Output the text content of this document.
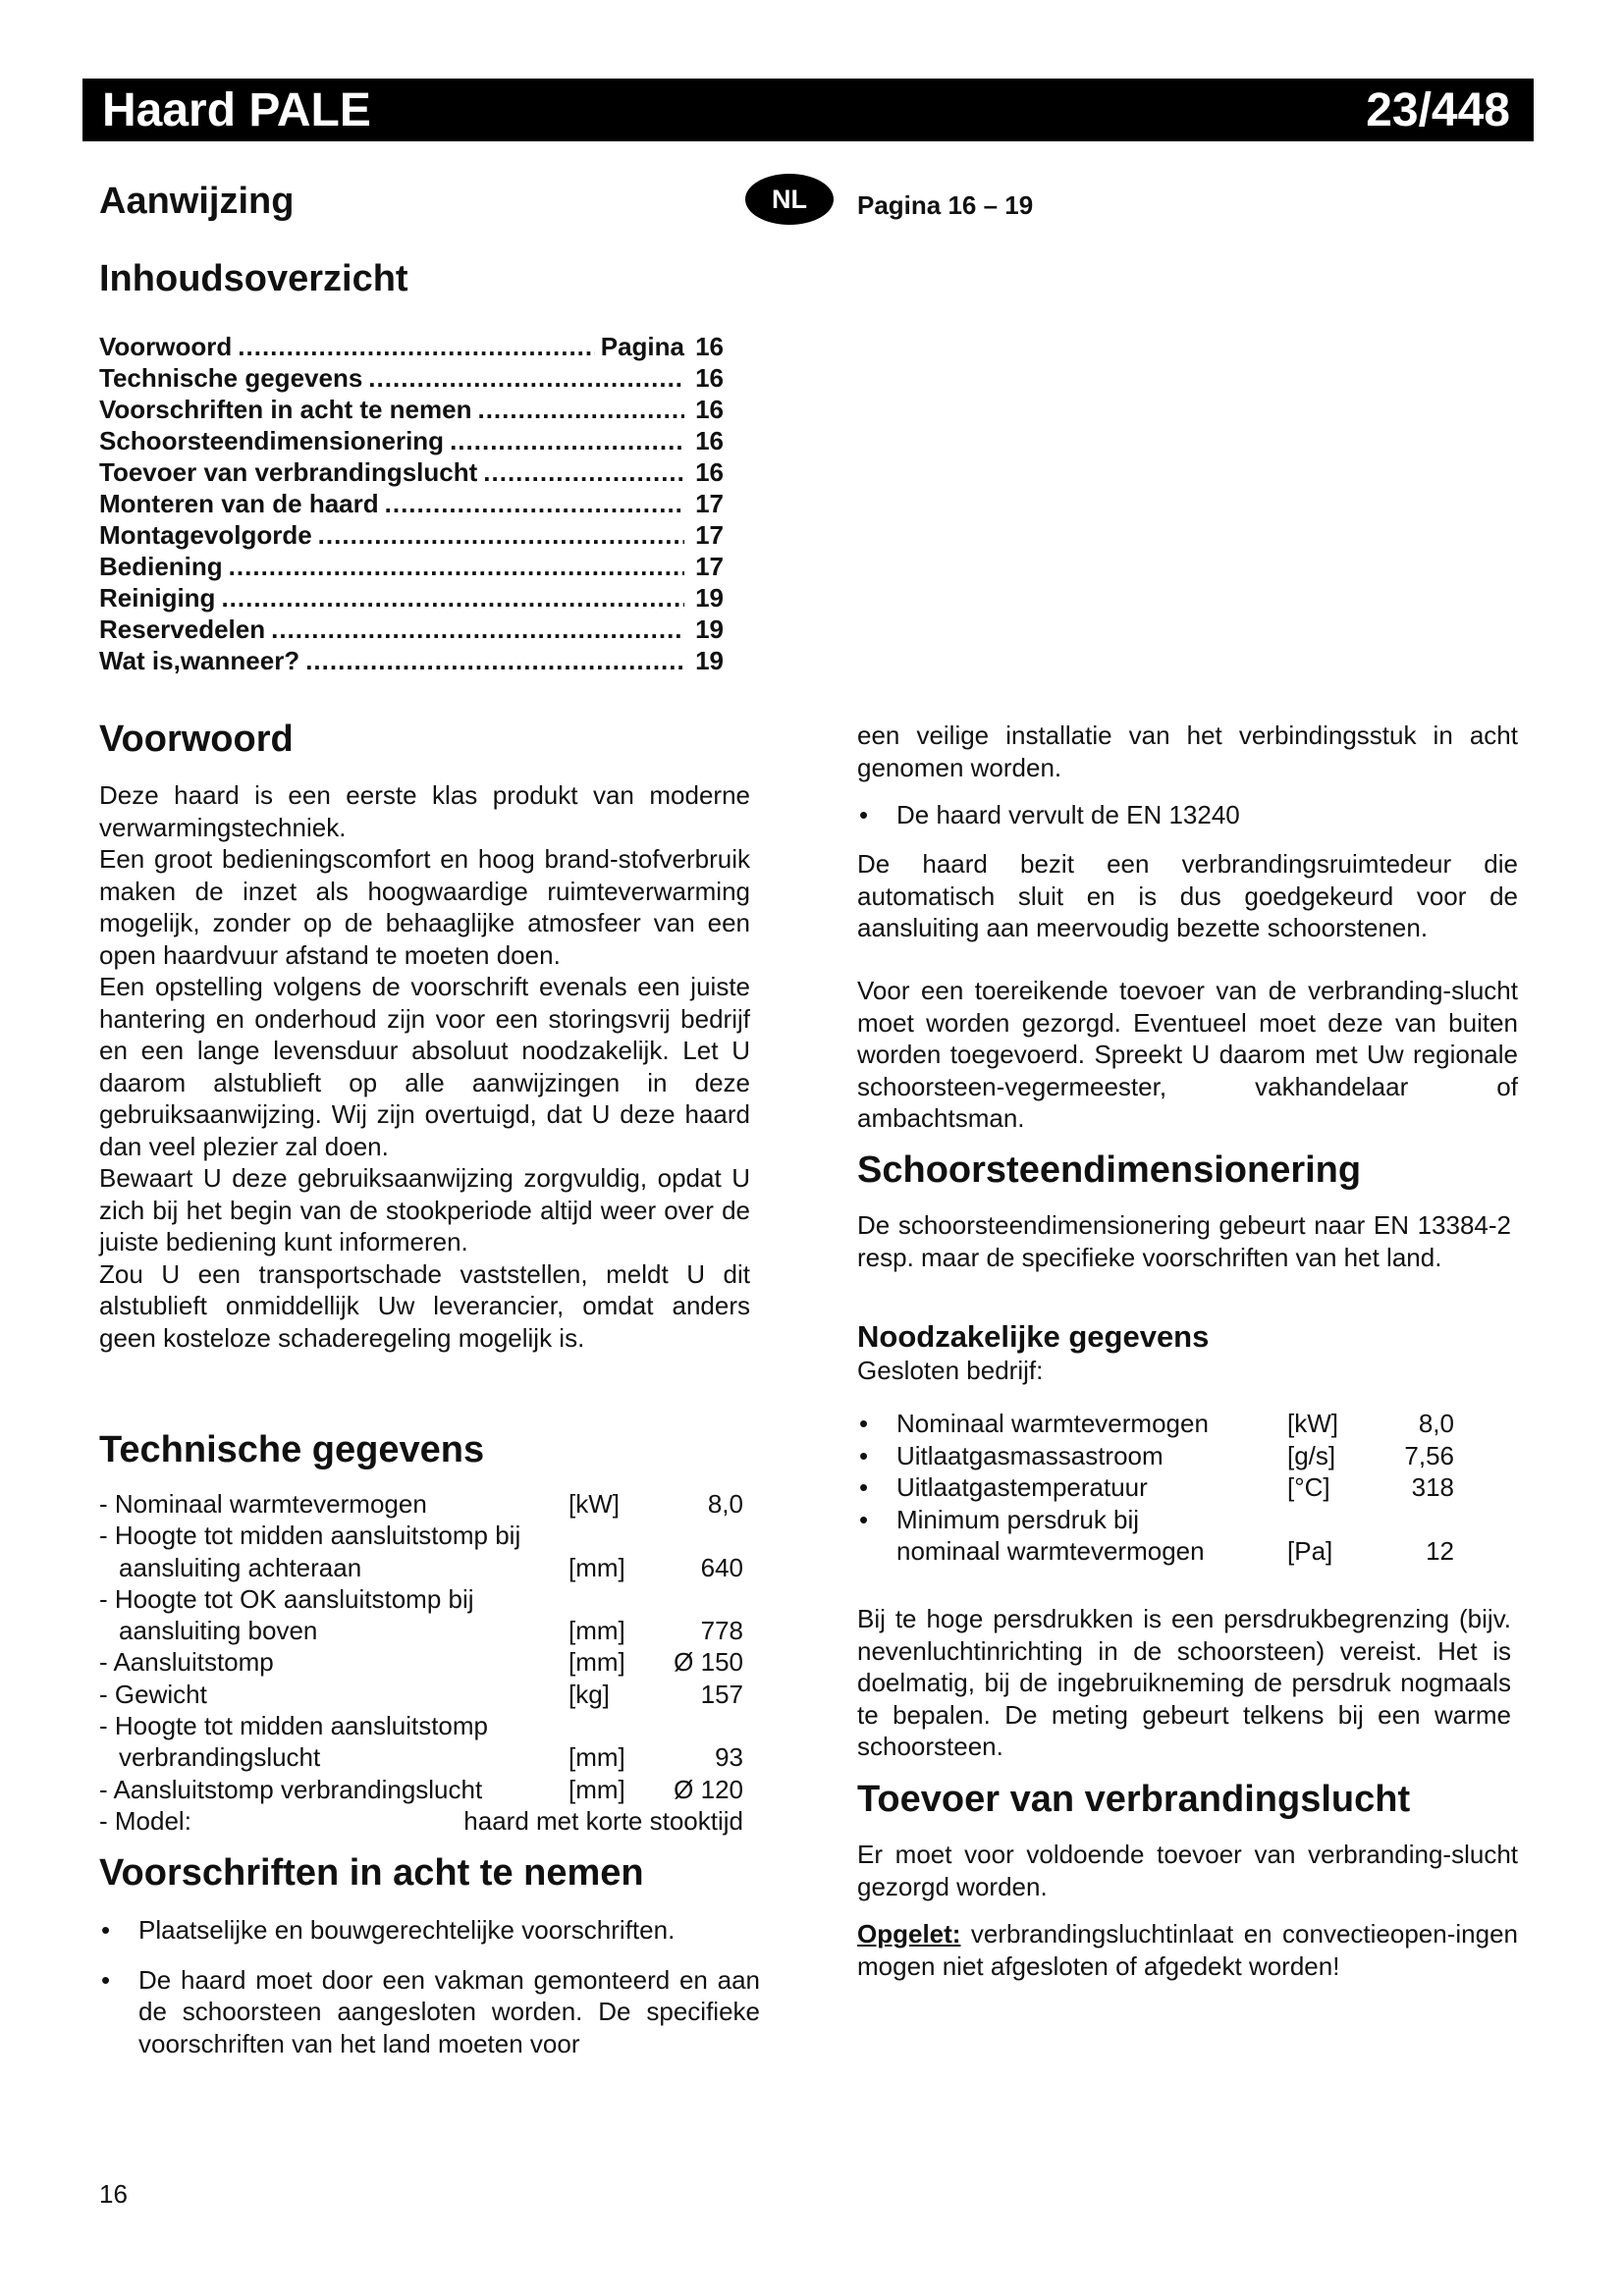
Haard PALE	23/448
Aanwijzing	NL	Pagina 16 – 19
Inhoudsoverzicht
Voorwoord .....	Pagina 16
Technische gegevens .....	16
Voorschriften in acht te nemen .....	16
Schoorsteendimensionering .....	16
Toevoer van verbrandingslucht .....	16
Monteren van de haard .....	17
Montagevolgorde .....	17
Bediening .....	17
Reiniging .....	19
Reservedelen .....	19
Wat is,wanneer? .....	19
Voorwoord
Deze haard is een eerste klas produkt van moderne verwarmingstechniek.
Een groot bedieningscomfort en hoog brand-stofverbruik maken de inzet als hoogwaardige ruimteverwarming mogelijk, zonder op de behaaglijke atmosfeer van een open haardvuur afstand te moeten doen.
Een opstelling volgens de voorschrift evenals een juiste hantering en onderhoud zijn voor een storingsvrij bedrijf en een lange levensduur absoluut noodzakelijk. Let U daarom alstublieft op alle aanwijzingen in deze gebruiksaanwijzing. Wij zijn overtuigd, dat U deze haard dan veel plezier zal doen.
Bewaart U deze gebruiksaanwijzing zorgvuldig, opdat U zich bij het begin van de stookperiode altijd weer over de juiste bediening kunt informeren.
Zou U een transportschade vaststellen, meldt U dit alstublieft onmiddellijk Uw leverancier, omdat anders geen kosteloze schaderegeling mogelijk is.
Technische gegevens
- Nominaal warmtevermogen	[kW]	8,0
- Hoogte tot midden aansluitstomp bij
aansluiting achteraan	[mm]	640
- Hoogte tot OK aansluitstomp bij
aansluiting boven	[mm]	778
- Aansluitstomp	[mm]	Ø 150
- Gewicht	[kg]	157
- Hoogte tot midden aansluitstomp
verbrandingslucht	[mm]	93
- Aansluitstomp verbrandingslucht	[mm]	Ø 120
- Model:	haard met korte stooktijd
Voorschriften in acht te nemen
• Plaatselijke en bouwgerechtelijke voorschriften.
• De haard moet door een vakman gemonteerd en aan de schoorsteen aangesloten worden. De specifieke voorschriften van het land moeten voor
een veilige installatie van het verbindingsstuk in acht genomen worden.
• De haard vervult de EN 13240
De haard bezit een verbrandingsruimtedeur die automatisch sluit en is dus goedgekeurd voor de aansluiting aan meervoudig bezette schoorstenen.
Voor een toereikende toevoer van de verbranding-slucht moet worden gezorgd. Eventueel moet deze van buiten worden toegevoerd. Spreekt U daarom met Uw regionale schoorsteen-vegermeester, vakhandelaar of ambachtsman.
Schoorsteendimensionering
De schoorsteendimensionering gebeurt naar EN 13384-2 resp. maar de specifieke voorschriften van het land.
Noodzakelijke gegevens
Gesloten bedrijf:
•	Nominaal warmtevermogen	[kW]	8,0
•	Uitlaatgasmassastroom	[g/s]	7,56
•	Uitlaatgastemperatuur	[°C]	318
•	Minimum persdruk bij
nominaal warmtevermogen	[Pa]	12
Bij te hoge persdrukken is een persdrukbegrenzing (bijv. nevenluchtinrichting in de schoorsteen) vereist. Het is doelmatig, bij de ingebruikneming de persdruk nogmaals te bepalen. De meting gebeurt telkens bij een warme schoorsteen.
Toevoer van verbrandingslucht
Er moet voor voldoende toevoer van verbranding-slucht gezorgd worden.
Opgelet: verbrandingsluchtinlaat en convectieopen-ingen mogen niet afgesloten of afgedekt worden!
16
